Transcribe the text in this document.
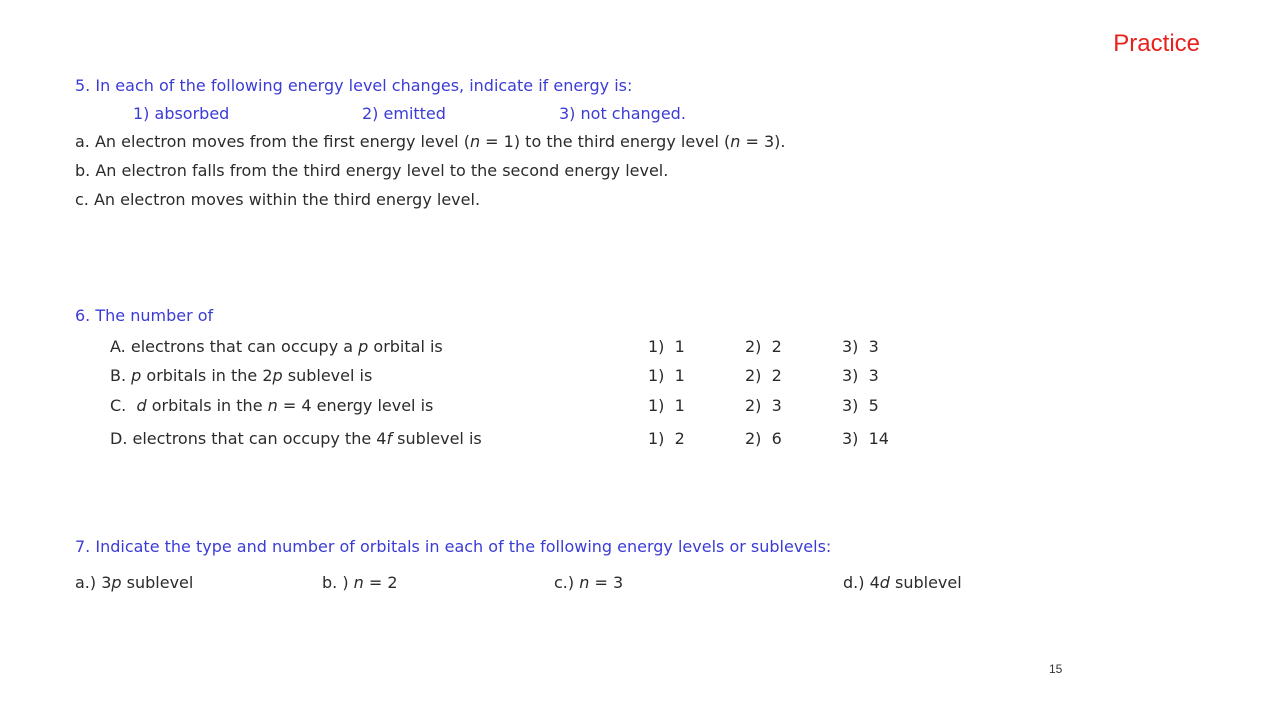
Practice
5. In each of the following energy level changes, indicate if energy is:
1) absorbed	2) emitted	3) not changed.
a. An electron moves from the first energy level (n = 1) to the third energy level (n = 3).
b. An electron falls from the third energy level to the second energy level.
c. An electron moves within the third energy level.
6. The number of
A. electrons that can occupy a p orbital is	1)  1	2)  2	3)  3
B. p orbitals in the 2p sublevel is	1)  1	2)  2	3)  3
C. d orbitals in the n = 4 energy level is	1)  1	2)  3	3)  5
D. electrons that can occupy the 4f sublevel is	1)  2	2)  6	3)  14
7. Indicate the type and number of orbitals in each of the following energy levels or sublevels:
a.) 3p sublevel	b. ) n = 2	c.) n = 3	d.) 4d sublevel
15
